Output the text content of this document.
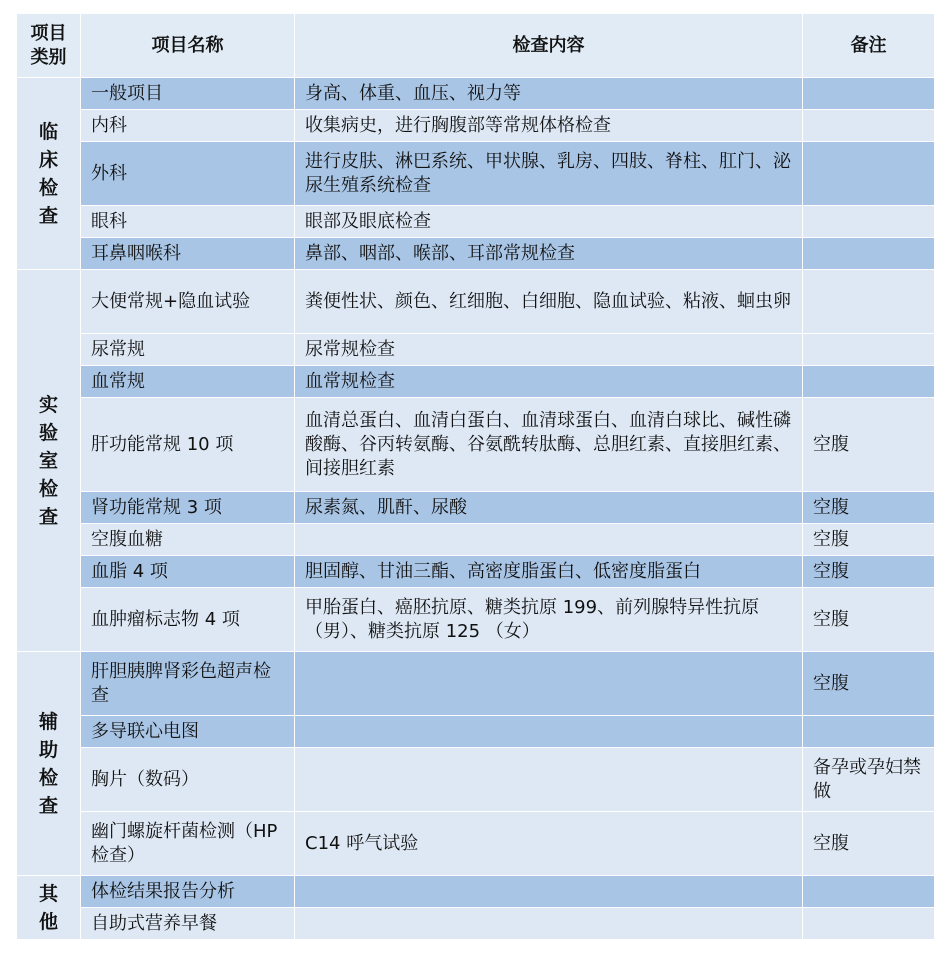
项目
类别	项目名称	检查内容	备注
临床检查	一般项目	身高、体重、血压、视力等	
	内科	收集病史，进行胸腹部等常规体格检查	
	外科	进行皮肤、淋巴系统、甲状腺、乳房、四肢、脊柱、肛门、泌尿生殖系统检查	
	眼科	眼部及眼底检查	
	耳鼻咽喉科	鼻部、咽部、喉部、耳部常规检查	
实验室检查	大便常规+隐血试验	粪便性状、颜色、红细胞、白细胞、隐血试验、粘液、蛔虫卵	
	尿常规	尿常规检查	
	血常规	血常规检查	
	肝功能常规 10 项	血清总蛋白、血清白蛋白、血清球蛋白、血清白球比、碱性磷酸酶、谷丙转氨酶、谷氨酰转肽酶、总胆红素、直接胆红素、间接胆红素	空腹
	肾功能常规 3 项	尿素氮、肌酐、尿酸	空腹
	空腹血糖		空腹
	血脂 4 项	胆固醇、甘油三酯、高密度脂蛋白、低密度脂蛋白	空腹
	血肿瘤标志物 4 项	甲胎蛋白、癌胚抗原、糖类抗原 199、前列腺特异性抗原（男）、糖类抗原 125 （女）	空腹
辅助检查	肝胆胰脾肾彩色超声检查		空腹
	多导联心电图		
	胸片（数码）		备孕或孕妇禁做
	幽门螺旋杆菌检测（HP 检查）	C14 呼气试验	空腹
其他	体检结果报告分析		
	自助式营养早餐		
